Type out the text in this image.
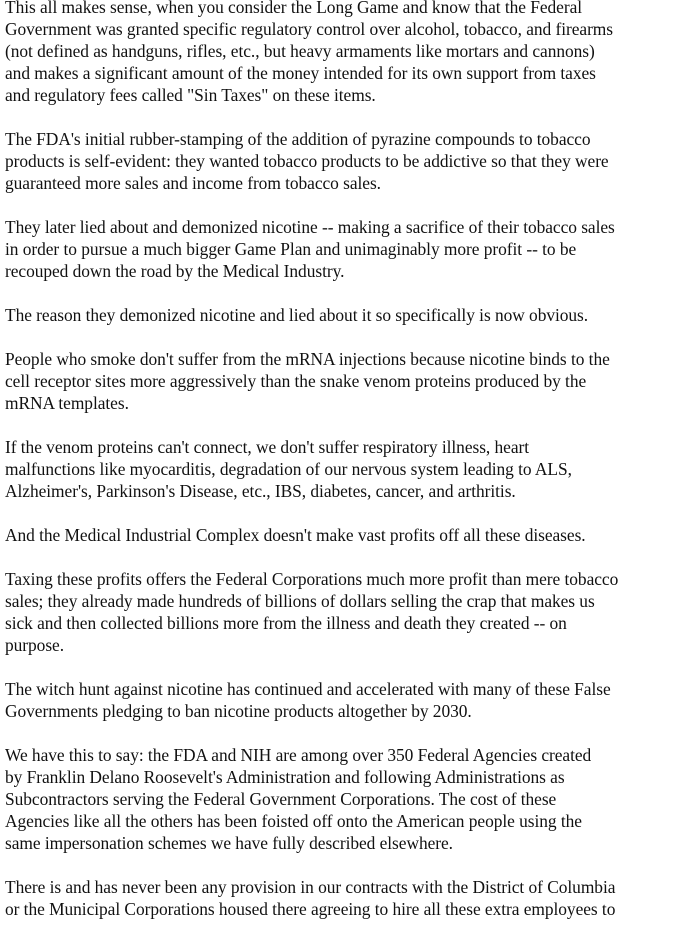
This all makes sense, when you consider the Long Game and know that the Federal
Government was granted specific regulatory control over alcohol, tobacco, and firearms
(not defined as handguns, rifles, etc., but heavy armaments like mortars and cannons)
and makes a significant amount of the money intended for its own support from taxes
and regulatory fees called "Sin Taxes" on these items.

The FDA's initial rubber-stamping of the addition of pyrazine compounds to tobacco
products is self-evident: they wanted tobacco products to be addictive so that they were
guaranteed more sales and income from tobacco sales.

They later lied about and demonized nicotine -- making a sacrifice of their tobacco sales
in order to pursue a much bigger Game Plan and unimaginably more profit -- to be
recouped down the road by the Medical Industry.

The reason they demonized nicotine and lied about it so specifically is now obvious.

People who smoke don't suffer from the mRNA injections because nicotine binds to the
cell receptor sites more aggressively than the snake venom proteins produced by the
mRNA templates.

If the venom proteins can't connect, we don't suffer respiratory illness, heart
malfunctions like myocarditis, degradation of our nervous system leading to ALS,
Alzheimer's, Parkinson's Disease, etc., IBS, diabetes, cancer, and arthritis.

And the Medical Industrial Complex doesn't make vast profits off all these diseases.

Taxing these profits offers the Federal Corporations much more profit than mere tobacco
sales; they already made hundreds of billions of dollars selling the crap that makes us
sick and then collected billions more from the illness and death they created -- on
purpose.

The witch hunt against nicotine has continued and accelerated with many of these False
Governments pledging to ban nicotine products altogether by 2030.

We have this to say: the FDA and NIH are among over 350 Federal Agencies created
by Franklin Delano Roosevelt's Administration and following Administrations as
Subcontractors serving the Federal Government Corporations. The cost of these
Agencies like all the others has been foisted off onto the American people using the
same impersonation schemes we have fully described elsewhere.

There is and has never been any provision in our contracts with the District of Columbia
or the Municipal Corporations housed there agreeing to hire all these extra employees to
